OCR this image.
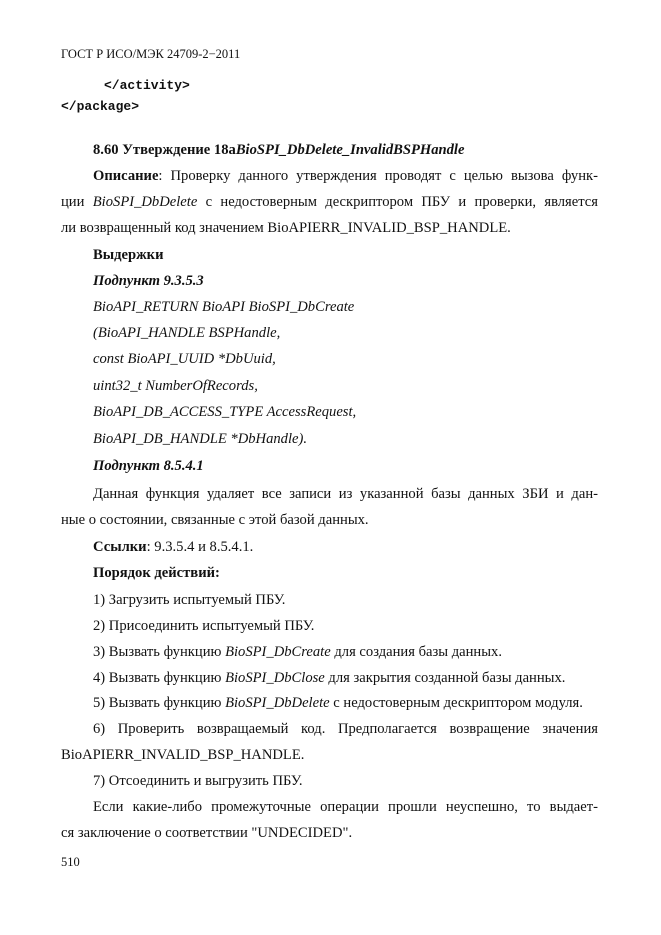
ГОСТ Р ИСО/МЭК 24709-2−2011
</activity>
</package>
8.60 Утверждение 18аBioSPI_DbDelete_InvalidBSPHandle
Описание: Проверку данного утверждения проводят с целью вызова функ-
ции BioSPI_DbDelete с недостоверным дескриптором ПБУ и проверки, является
ли возвращенный код значением BioAPIERR_INVALID_BSP_HANDLE.
Выдержки
Подпункт 9.3.5.3
BioAPI_RETURN BioAPI BioSPI_DbCreate
(BioAPI_HANDLE BSPHandle,
const BioAPI_UUID *DbUuid,
uint32_t NumberOfRecords,
BioAPI_DB_ACCESS_TYPE AccessRequest,
BioAPI_DB_HANDLE *DbHandle).
Подпункт 8.5.4.1
Данная функция удаляет все записи из указанной базы данных ЗБИ и дан-
ные о состоянии, связанные с этой базой данных.
Ссылки: 9.3.5.4 и 8.5.4.1.
Порядок действий:
1) Загрузить испытуемый ПБУ.
2) Присоединить испытуемый ПБУ.
3) Вызвать функцию BioSPI_DbCreate для создания базы данных.
4) Вызвать функцию BioSPI_DbClose для закрытия созданной базы данных.
5) Вызвать функцию BioSPI_DbDelete с недостоверным дескриптором модуля.
6) Проверить возвращаемый код. Предполагается возвращение значения
BioAPIERR_INVALID_BSP_HANDLE.
7) Отсоединить и выгрузить ПБУ.
Если какие-либо промежуточные операции прошли неуспешно, то выдает-
ся заключение о соответствии "UNDECIDED".
510
